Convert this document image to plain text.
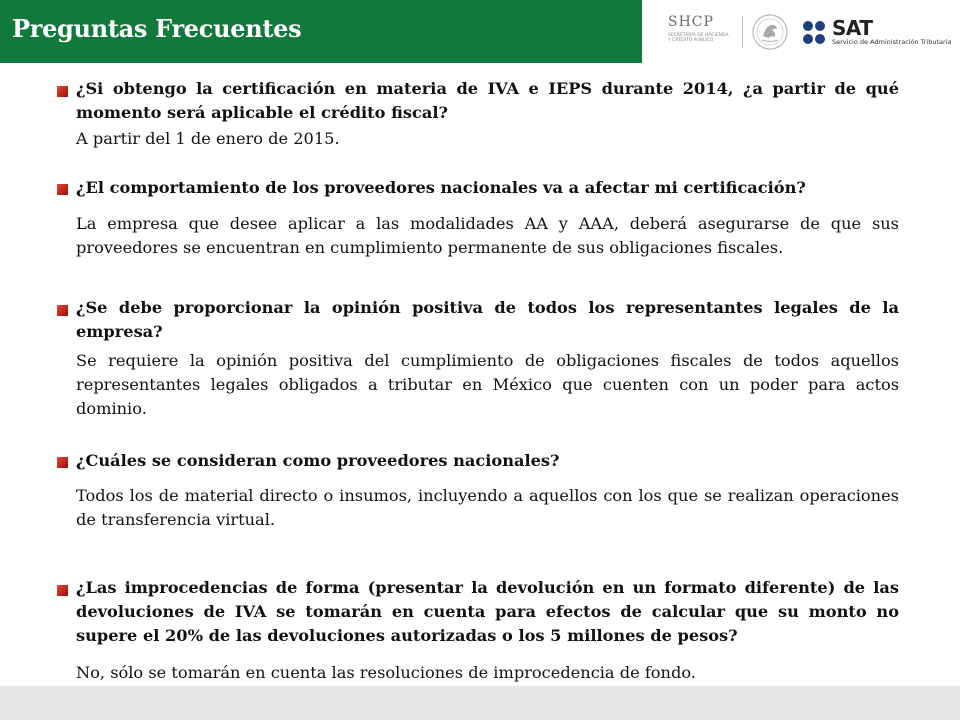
Preguntas Frecuentes	SHCP
SECRETARÍA DE HACIENDA
Y CRÉDITO PÚBLICO
SAT
Servicio de Administración Tributaria
¿Si obtengo la certificación en materia de IVA e IEPS durante 2014, ¿a partir de qué momento será aplicable el crédito fiscal?
A partir del 1 de enero de 2015.
¿El comportamiento de los proveedores nacionales va a afectar mi certificación?
La empresa que desee aplicar a las modalidades AA y AAA, deberá asegurarse de que sus proveedores se encuentran en cumplimiento permanente de sus obligaciones fiscales.
¿Se debe proporcionar la opinión positiva de todos los representantes legales de la empresa?
Se requiere la opinión positiva del cumplimiento de obligaciones fiscales de todos aquellos representantes legales obligados a tributar en México que cuenten con un poder para actos dominio.
¿Cuáles se consideran como proveedores nacionales?
Todos los de material directo o insumos, incluyendo a aquellos con los que se realizan operaciones de transferencia virtual.
¿Las improcedencias de forma (presentar la devolución en un formato diferente) de las devoluciones de IVA se tomarán en cuenta para efectos de calcular que su monto no supere el 20% de las devoluciones autorizadas o los 5 millones de pesos?
No, sólo se tomarán en cuenta las resoluciones de improcedencia de fondo.
